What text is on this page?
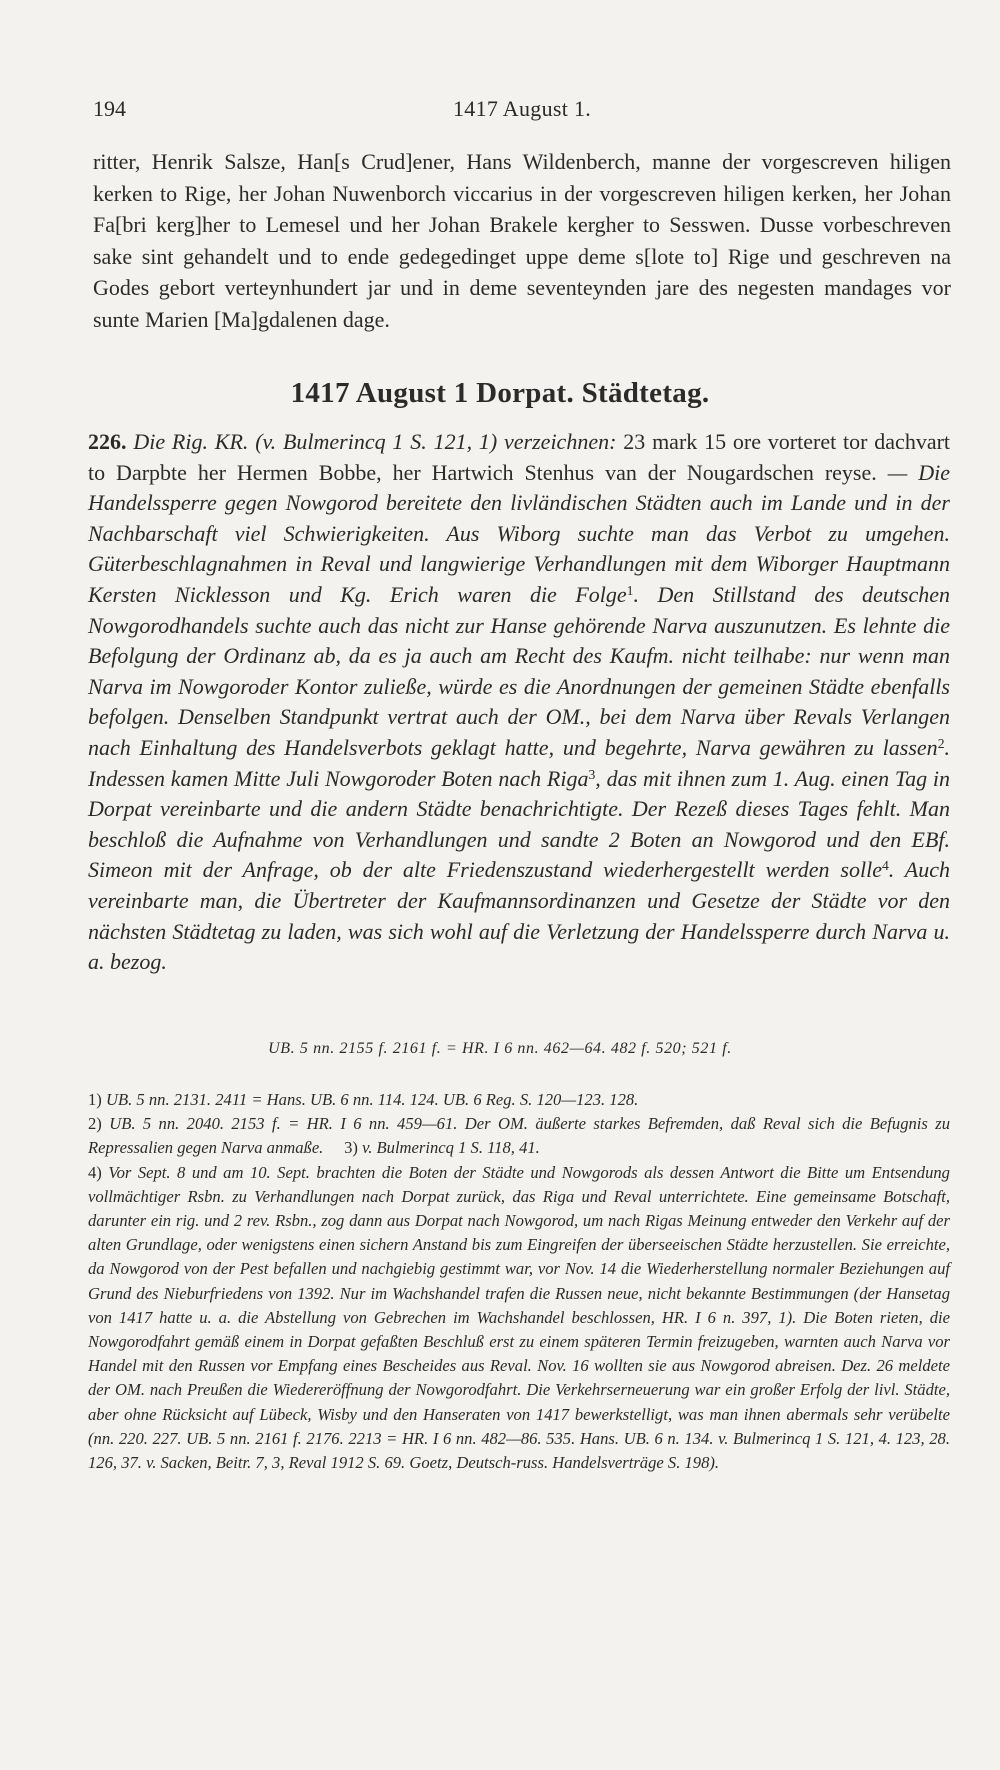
194	1417 August 1.

ritter, Henrik Salsze, Han[s Crud]ener, Hans Wildenberch, manne der vorgescreven hiligen kerken to Rige, her Johan Nuwenborch viccarius in der vorgescreven hiligen kerken, her Johan Fa[bri kerg]her to Lemesel und her Johan Brakele kergher to Sesswen. Dusse vorbeschreven sake sint gehandelt und to ende gedegedinget uppe deme s[lote to] Rige und geschreven na Godes gebort verteynhundert jar und in deme seventeynden jare des negesten mandages vor sunte Marien [Ma]gdalenen dage.

1417 August 1 Dorpat. Städtetag.

226. Die Rig. KR. (v. Bulmerincq 1 S. 121, 1) verzeichnen: 23 mark 15 ore vorteret tor dachvart to Darpbte her Hermen Bobbe, her Hartwich Stenhus van der Nougardschen reyse. — Die Handelssperre gegen Nowgorod bereitete den livländischen Städten auch im Lande und in der Nachbarschaft viel Schwierigkeiten. Aus Wiborg suchte man das Verbot zu umgehen. Güterbeschlagnahmen in Reval und langwierige Verhandlungen mit dem Wiborger Hauptmann Kersten Nicklesson und Kg. Erich waren die Folge$^1$. Den Stillstand des deutschen Nowgorodhandels suchte auch das nicht zur Hanse gehörende Narva auszunutzen. Es lehnte die Befolgung der Ordinanz ab, da es ja auch am Recht des Kaufm. nicht teilhabe: nur wenn man Narva im Nowgoroder Kontor zuließe, würde es die Anordnungen der gemeinen Städte ebenfalls befolgen. Denselben Standpunkt vertrat auch der OM., bei dem Narva über Revals Verlangen nach Einhaltung des Handelsverbots geklagt hatte, und begehrte, Narva gewähren zu lassen$^2$. Indessen kamen Mitte Juli Nowgoroder Boten nach Riga$^3$, das mit ihnen zum 1. Aug. einen Tag in Dorpat vereinbarte und die andern Städte benachrichtigte. Der Rezeß dieses Tages fehlt. Man beschloß die Aufnahme von Verhandlungen und sandte 2 Boten an Nowgorod und den EBf. Simeon mit der Anfrage, ob der alte Friedenszustand wiederhergestellt werden solle$^4$. Auch vereinbarte man, die Übertreter der Kaufmannsordinanzen und Gesetze der Städte vor den nächsten Städtetag zu laden, was sich wohl auf die Verletzung der Handelssperre durch Narva u. a. bezog.

UB. 5 nn. 2155 f. 2161 f. = HR. I 6 nn. 462—64. 482 f. 520; 521 f.

1) UB. 5 nn. 2131. 2411 = Hans. UB. 6 nn. 114. 124. UB. 6 Reg. S. 120—123. 128.

2) UB. 5 nn. 2040. 2153 f. = HR. I 6 nn. 459—61. Der OM. äußerte starkes Befremden, daß Reval sich die Befugnis zu Repressalien gegen Narva anmaße. 3) v. Bulmerincq 1 S. 118, 41.

4) Vor Sept. 8 und am 10. Sept. brachten die Boten der Städte und Nowgorods als dessen Antwort die Bitte um Entsendung vollmächtiger Rsbn. zu Verhandlungen nach Dorpat zurück, das Riga und Reval unterrichtete. Eine gemeinsame Botschaft, darunter ein rig. und 2 rev. Rsbn., zog dann aus Dorpat nach Nowgorod, um nach Rigas Meinung entweder den Verkehr auf der alten Grundlage, oder wenigstens einen sichern Anstand bis zum Eingreifen der überseeischen Städte herzustellen. Sie erreichte, da Nowgorod von der Pest befallen und nachgiebig gestimmt war, vor Nov. 14 die Wiederherstellung normaler Beziehungen auf Grund des Nieburfriedens von 1392. Nur im Wachshandel trafen die Russen neue, nicht bekannte Bestimmungen (der Hansetag von 1417 hatte u. a. die Abstellung von Gebrechen im Wachshandel beschlossen, HR. I 6 n. 397, 1). Die Boten rieten, die Nowgorodfahrt gemäß einem in Dorpat gefaßten Beschluß erst zu einem späteren Termin freizugeben, warnten auch Narva vor Handel mit den Russen vor Empfang eines Bescheides aus Reval. Nov. 16 wollten sie aus Nowgorod abreisen. Dez. 26 meldete der OM. nach Preußen die Wiedereröffnung der Nowgorodfahrt. Die Verkehrserneuerung war ein großer Erfolg der livl. Städte, aber ohne Rücksicht auf Lübeck, Wisby und den Hanseraten von 1417 bewerkstelligt, was man ihnen abermals sehr verübelte (nn. 220. 227. UB. 5 nn. 2161 f. 2176. 2213 = HR. I 6 nn. 482—86. 535. Hans. UB. 6 n. 134. v. Bulmerincq 1 S. 121, 4. 123, 28. 126, 37. v. Sacken, Beitr. 7, 3, Reval 1912 S. 69. Goetz, Deutsch-russ. Handelsverträge S. 198).
